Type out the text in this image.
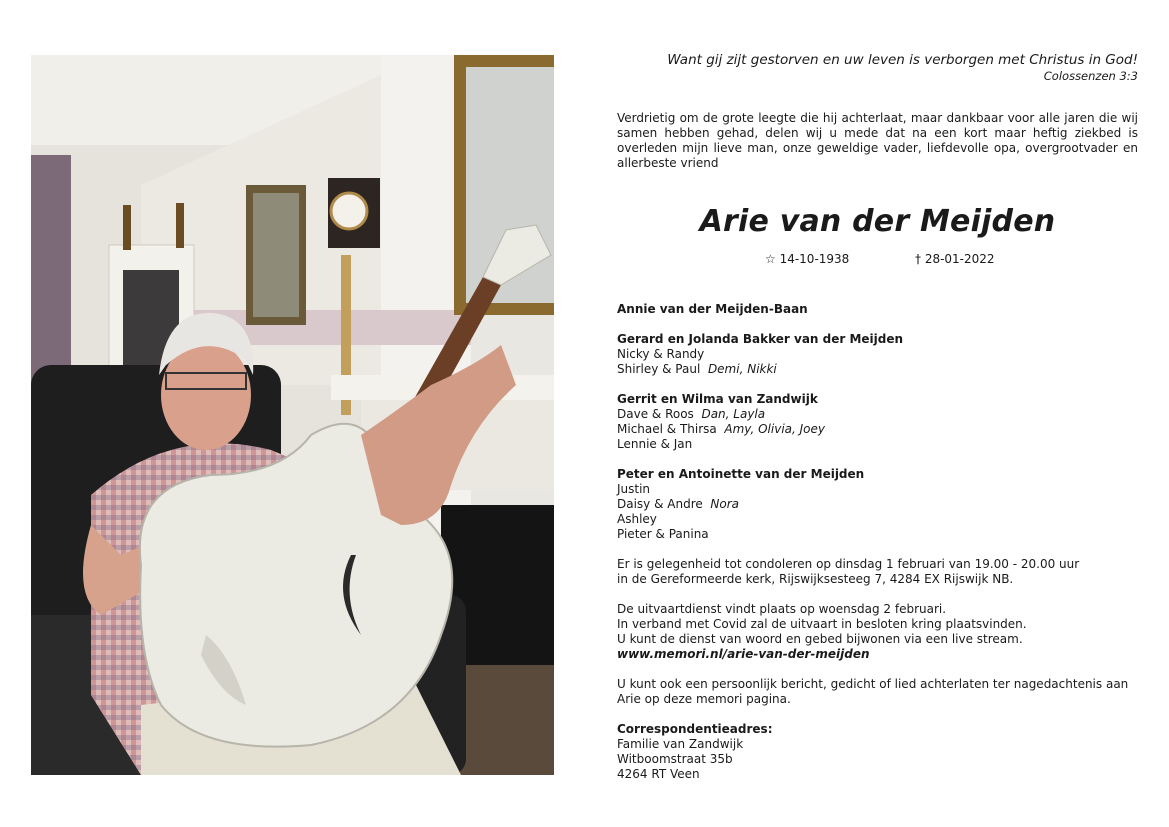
Want gij zijt gestorven en uw leven is verborgen met Christus in God!
Colossenzen 3:3
Verdrietig om de grote leegte die hij achterlaat, maar dankbaar voor alle jaren die wij samen hebben gehad, delen wij u mede dat na een kort maar heftig ziekbed is overleden mijn lieve man, onze geweldige vader, liefdevolle opa, overgrootvader en allerbeste vriend
Arie van der Meijden
☆ 14-10-1938	† 28-01-2022
Annie van der Meijden-Baan
Gerard en Jolanda Bakker van der Meijden
Nicky & Randy
Shirley & Paul Demi, Nikki
Gerrit en Wilma van Zandwijk
Dave & Roos Dan, Layla
Michael & Thirsa Amy, Olivia, Joey
Lennie & Jan
Peter en Antoinette van der Meijden
Justin
Daisy & Andre Nora
Ashley
Pieter & Panina
Er is gelegenheid tot condoleren op dinsdag 1 februari van 19.00 - 20.00 uur
in de Gereformeerde kerk, Rijswijksesteeg 7, 4284 EX Rijswijk NB.
De uitvaartdienst vindt plaats op woensdag 2 februari.
In verband met Covid zal de uitvaart in besloten kring plaatsvinden.
U kunt de dienst van woord en gebed bijwonen via een live stream.
www.memori.nl/arie-van-der-meijden
U kunt ook een persoonlijk bericht, gedicht of lied achterlaten ter nagedachtenis aan
Arie op deze memori pagina.
Correspondentieadres:
Familie van Zandwijk
Witboomstraat 35b
4264 RT Veen
